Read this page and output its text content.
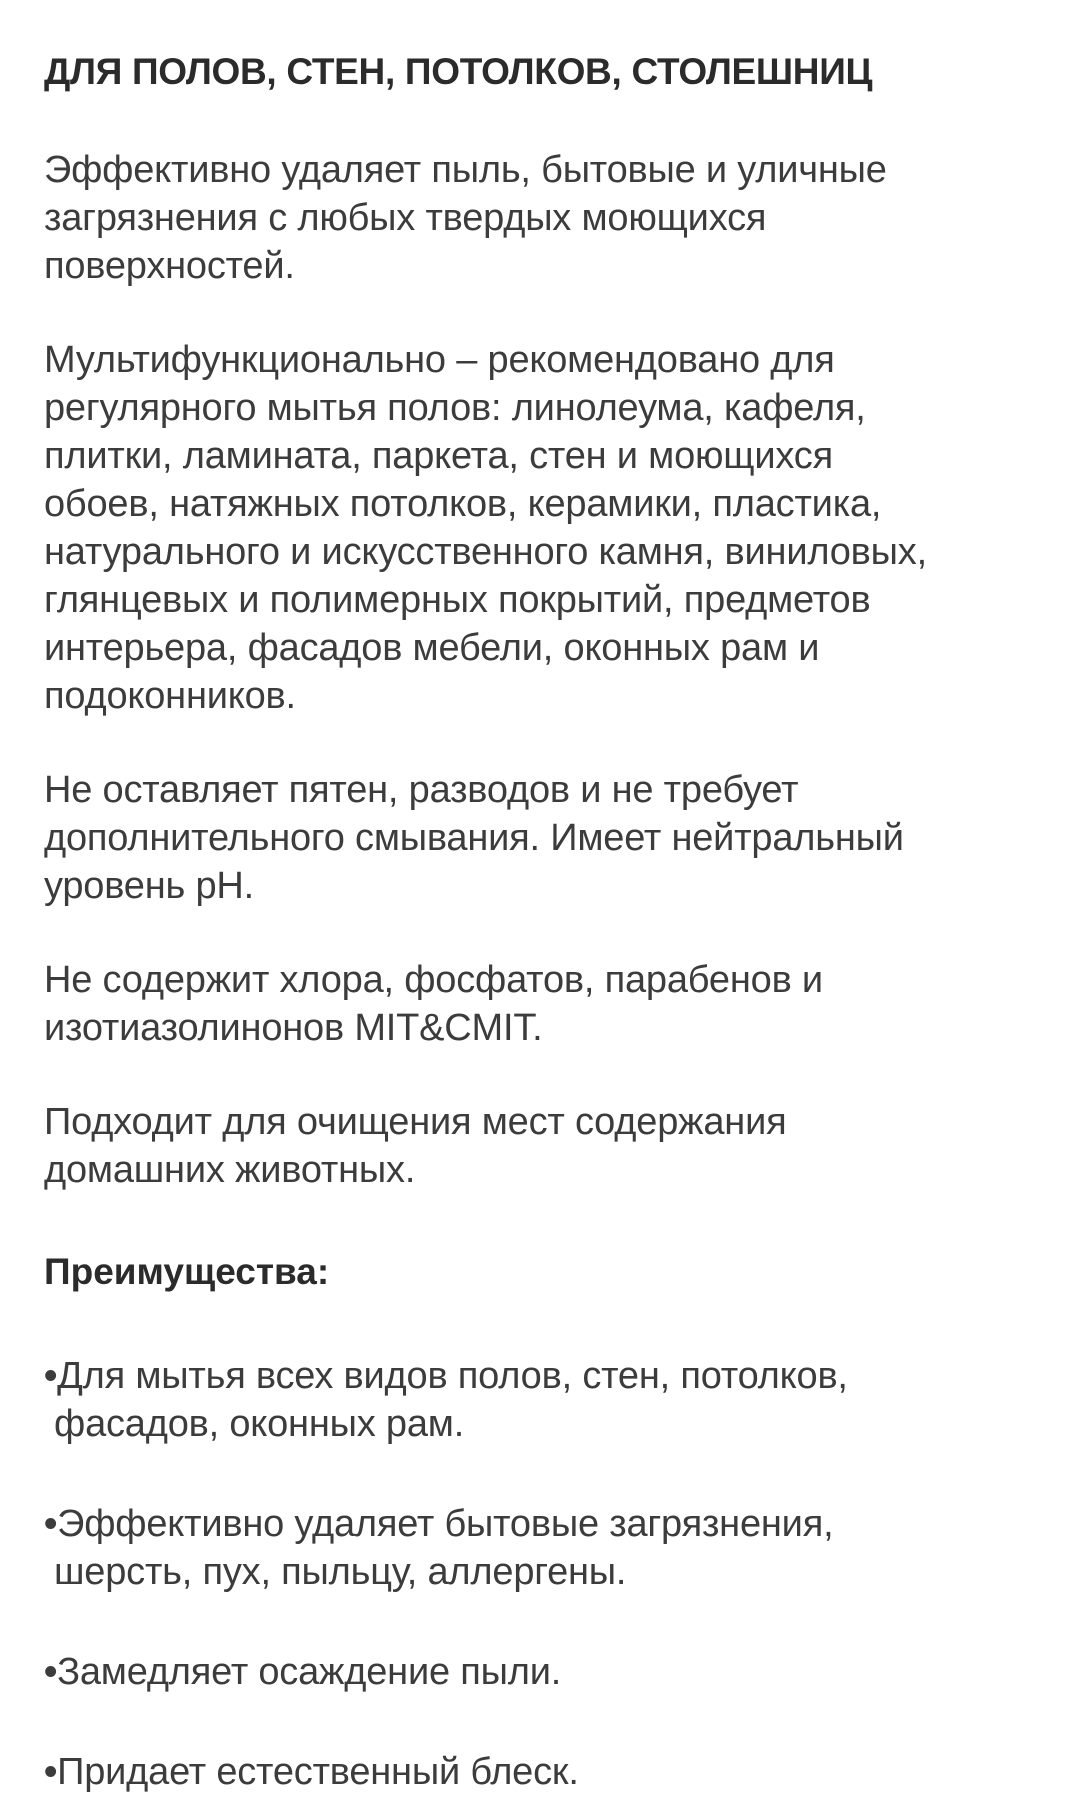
ДЛЯ ПОЛОВ, СТЕН, ПОТОЛКОВ, СТОЛЕШНИЦ

Эффективно удаляет пыль, бытовые и уличные
загрязнения с любых твердых моющихся
поверхностей.

Мультифункционально – рекомендовано для
регулярного мытья полов: линолеума, кафеля,
плитки, ламината, паркета, стен и моющихся
обоев, натяжных потолков, керамики, пластика,
натурального и искусственного камня, виниловых,
глянцевых и полимерных покрытий, предметов
интерьера, фасадов мебели, оконных рам и
подоконников.

Не оставляет пятен, разводов и не требует
дополнительного смывания. Имеет нейтральный
уровень pH.

Не содержит хлора, фосфатов, парабенов и
изотиазолинонов MIT&CMIT.

Подходит для очищения мест содержания
домашних животных.

Преимущества:

•Для мытья всех видов полов, стен, потолков,
фасадов, оконных рам.

•Эффективно удаляет бытовые загрязнения,
шерсть, пух, пыльцу, аллергены.

•Замедляет осаждение пыли.

•Придает естественный блеск.
